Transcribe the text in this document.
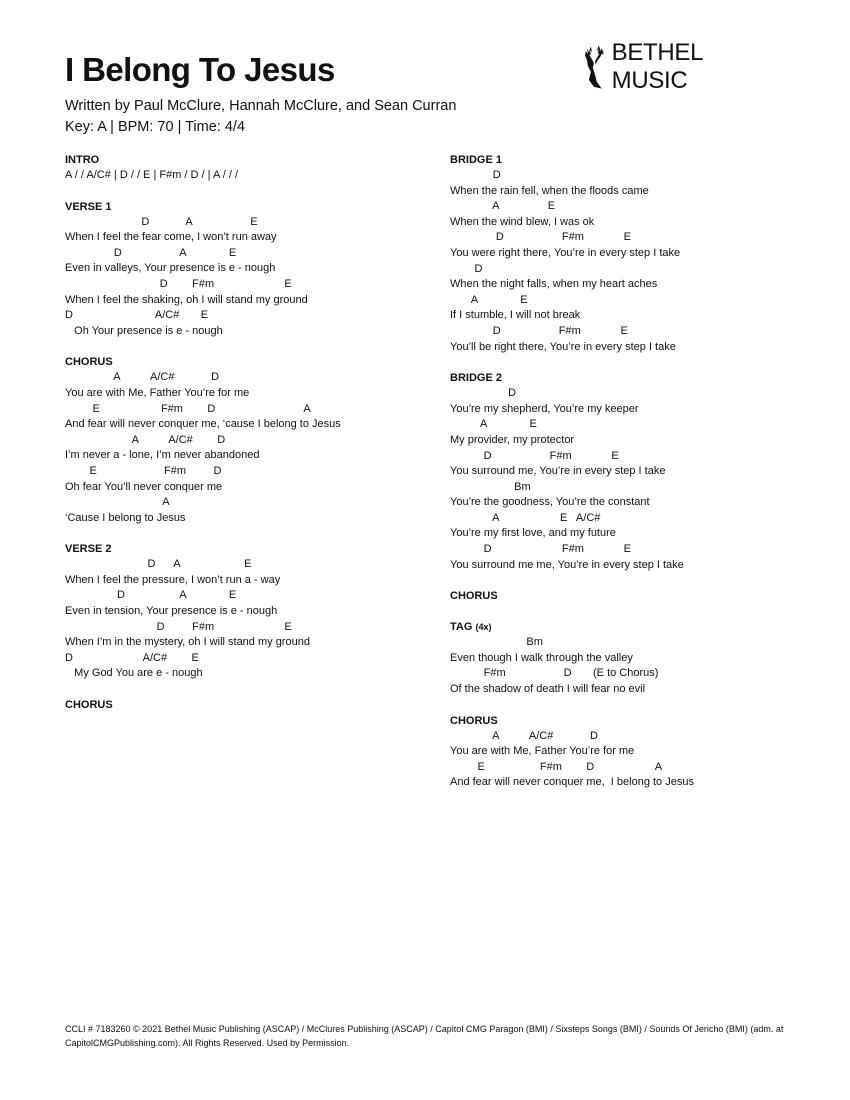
I Belong To Jesus
Written by Paul McClure, Hannah McClure, and Sean Curran
Key: A | BPM: 70 | Time: 4/4
BETHEL MUSIC
INTRO
A / / A/C# | D / / E | F#m / D / | A / / /
VERSE 1
D            A                   E
When I feel the fear come, I won’t run away
D                   A              E
Even in valleys, Your presence is e - nough
D        F#m                       E
When I feel the shaking, oh I will stand my ground
D                           A/C#       E
Oh Your presence is e - nough
CHORUS
A          A/C#            D
You are with Me, Father You’re for me
E                    F#m        D                             A
And fear will never conquer me, ‘cause I belong to Jesus
A          A/C#        D
I’m never a - lone, I’m never abandoned
E                      F#m         D
Oh fear You’ll never conquer me
A
‘Cause I belong to Jesus
VERSE 2
D      A                     E
When I feel the pressure, I won’t run a - way
D                  A              E
Even in tension, Your presence is e - nough
D         F#m                       E
When I’m in the mystery, oh I will stand my ground
D                       A/C#        E
My God You are e - nough
CHORUS
BRIDGE 1
D
When the rain fell, when the floods came
A                E
When the wind blew, I was ok
D                   F#m             E
You were right there, You’re in every step I take
D
When the night falls, when my heart aches
A              E
If I stumble, I will not break
D                   F#m             E
You’ll be right there, You’re in every step I take
BRIDGE 2
D
You’re my shepherd, You’re my keeper
A              E
My provider, my protector
D                   F#m             E
You surround me, You’re in every step I take
Bm
You’re the goodness, You’re the constant
A                    E   A/C#
You’re my first love, and my future
D                       F#m             E
You surround me me, You’re in every step I take
CHORUS
TAG (4x)
Bm
Even though I walk through the valley
F#m                   D       (E to Chorus)
Of the shadow of death I will fear no evil
CHORUS
A          A/C#            D
You are with Me, Father You’re for me
E                  F#m        D                    A
And fear will never conquer me,  I belong to Jesus
CCLI # 7183260 © 2021 Bethel Music Publishing (ASCAP) / McClures Publishing (ASCAP) / Capitol CMG Paragon (BMI) / Sixsteps Songs (BMI) / Sounds Of Jericho (BMI) (adm. at CapitolCMGPublishing.com). All Rights Reserved. Used by Permission.
